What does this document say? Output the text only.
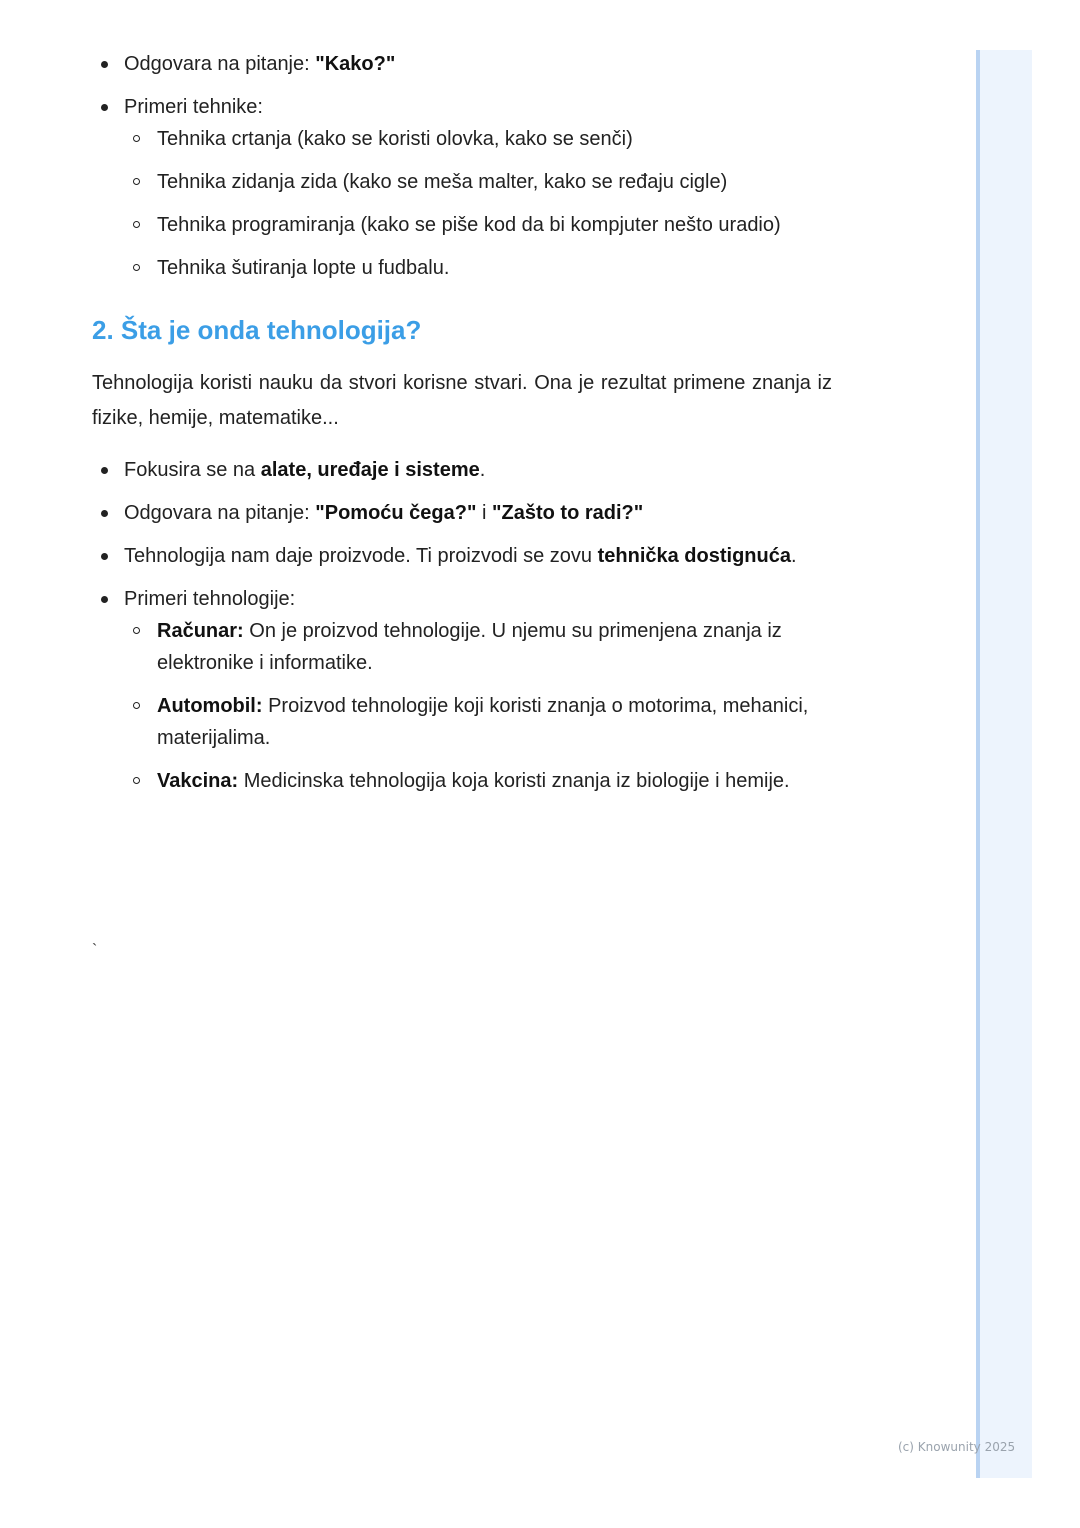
Odgovara na pitanje: "Kako?"
Primeri tehnike:
Tehnika crtanja (kako se koristi olovka, kako se senči)
Tehnika zidanja zida (kako se meša malter, kako se ređaju cigle)
Tehnika programiranja (kako se piše kod da bi kompjuter nešto uradio)
Tehnika šutiranja lopte u fudbalu.
2. Šta je onda tehnologija?

Tehnologija koristi nauku da stvori korisne stvari. Ona je rezultat primene znanja iz fizike, hemije, matematike...

Fokusira se na alate, uređaje i sisteme.
Odgovara na pitanje: "Pomoću čega?" i "Zašto to radi?"
Tehnologija nam daje proizvode. Ti proizvodi se zovu tehnička dostignuća.
Primeri tehnologije:
Računar: On je proizvod tehnologije. U njemu su primenjena znanja iz elektronike i informatike.
Automobil: Proizvod tehnologije koji koristi znanja o motorima, mehanici, materijalima.
Vakcina: Medicinska tehnologija koja koristi znanja iz biologije i hemije.
`
(c) Knowunity 2025
